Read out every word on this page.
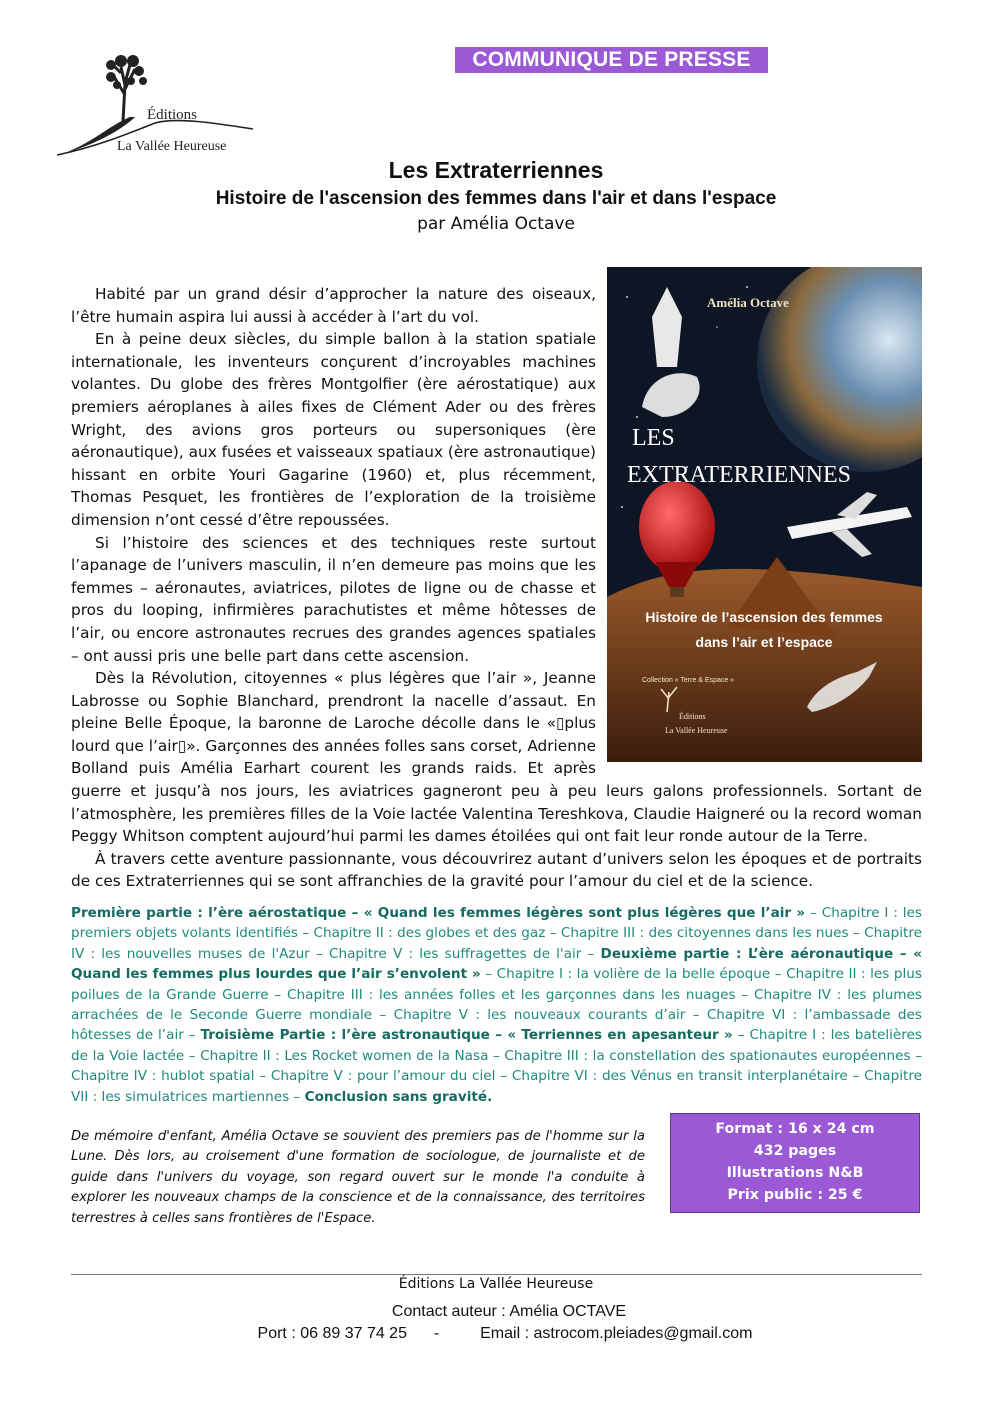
COMMUNIQUE DE PRESSE
Éditions
La Vallée Heureuse
Les Extraterriennes
Histoire de l'ascension des femmes dans l'air et dans l'espace
par Amélia Octave
Amélia Octave
LES
EXTRATERRIENNES
Histoire de l’ascension des femmes
dans l’air et l’espace
Collection « Terre & Espace »
Éditions
La Vallée Heureuse

Habité par un grand désir d’approcher la nature des oiseaux, l’être humain aspira lui aussi à accéder à l’art du vol.

En à peine deux siècles, du simple ballon à la station spatiale internationale, les inventeurs conçurent d’incroyables machines volantes. Du globe des frères Montgolfier (ère aérostatique) aux premiers aéroplanes à ailes fixes de Clément Ader ou des frères Wright, des avions gros porteurs ou supersoniques (ère aéronautique), aux fusées et vaisseaux spatiaux (ère astronautique) hissant en orbite Youri Gagarine (1960) et, plus récemment, Thomas Pesquet, les frontières de l’exploration de la troisième dimension n’ont cessé d’être repoussées.

Si l’histoire des sciences et des techniques reste surtout l’apanage de l’univers masculin, il n’en demeure pas moins que les femmes – aéronautes, aviatrices, pilotes de ligne ou de chasse et pros du looping, infirmières parachutistes et même hôtesses de l’air, ou encore astronautes recrues des grandes agences spatiales – ont aussi pris une belle part dans cette ascension.

Dès la Révolution, citoyennes « plus légères que l’air », Jeanne Labrosse ou Sophie Blanchard, prendront la nacelle d’assaut. En pleine Belle Époque, la baronne de Laroche décolle dans le «▯plus lourd que l’air▯». Garçonnes des années folles sans corset, Adrienne Bolland puis Amélia Earhart courent les grands raids. Et après guerre et jusqu’à nos jours, les aviatrices gagneront peu à peu leurs galons professionnels. Sortant de l’atmosphère, les premières filles de la Voie lactée Valentina Tereshkova, Claudie Haigneré ou la record woman Peggy Whitson comptent aujourd’hui parmi les dames étoilées qui ont fait leur ronde autour de la Terre.

À travers cette aventure passionnante, vous découvrirez autant d’univers selon les époques et de portraits de ces Extraterriennes qui se sont affranchies de la gravité pour l’amour du ciel et de la science.

Première partie : l’ère aérostatique – « Quand les femmes légères sont plus légères que l’air » – Chapitre I : les premiers objets volants identifiés – Chapitre II : des globes et des gaz – Chapitre III : des citoyennes dans les nues – Chapitre IV : les nouvelles muses de l'Azur – Chapitre V : les suffragettes de l'air – Deuxième partie : L’ère aéronautique – « Quand les femmes plus lourdes que l’air s’envolent » – Chapitre I : la volière de la belle époque – Chapitre II : les plus poilues de la Grande Guerre – Chapitre III : les années folles et les garçonnes dans les nuages – Chapitre IV : les plumes arrachées de le Seconde Guerre mondiale – Chapitre V : les nouveaux courants d’air – Chapitre VI : l’ambassade des hôtesses de l’air – Troisième Partie : l’ère astronautique – « Terriennes en apesanteur » – Chapitre I : les batelières de la Voie lactée – Chapitre II : Les Rocket women de la Nasa – Chapitre III : la constellation des spationautes européennes – Chapitre IV : hublot spatial – Chapitre V : pour l’amour du ciel – Chapitre VI : des Vénus en transit interplanétaire – Chapitre VII : les simulatrices martiennes – Conclusion sans gravité.
De mémoire d'enfant, Amélia Octave se souvient des premiers pas de l'homme sur la Lune. Dès lors, au croisement d'une formation de sociologue, de journaliste et de guide dans l'univers du voyage, son regard ouvert sur le monde l'a conduite à explorer les nouveaux champs de la conscience et de la connaissance, des territoires terrestres à celles sans frontières de l'Espace.
Format : 16 x 24 cm
432 pages
Illustrations N&B
Prix public : 25 €
Éditions La Vallée Heureuse
Contact auteur : Amélia OCTAVE
Port : 06 89 37 74 25 -	Email : astrocom.pleiades@gmail.com
